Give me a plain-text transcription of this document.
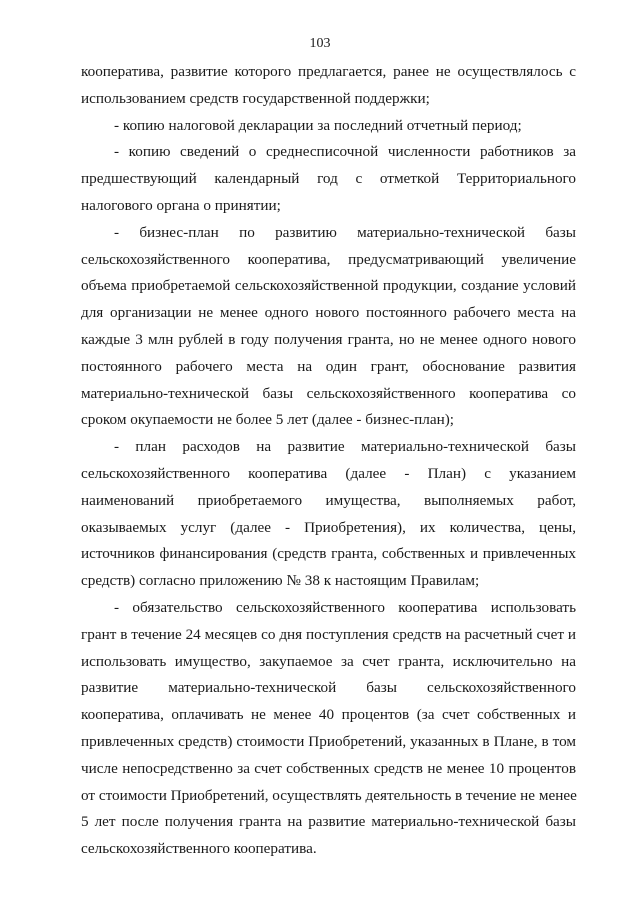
103

кооператива, развитие которого предлагается, ранее не осуществлялось с
использованием средств государственной поддержки;

- копию налоговой декларации за последний отчетный период;

- копию сведений о среднесписочной численности работников за
предшествующий календарный год с отметкой Территориального
налогового органа о принятии;

- бизнес-план по развитию материально-технической базы
сельскохозяйственного кооператива, предусматривающий увеличение
объема приобретаемой сельскохозяйственной продукции, создание условий
для организации не менее одного нового постоянного рабочего места на
каждые 3 млн рублей в году получения гранта, но не менее одного нового
постоянного рабочего места на один грант, обоснование развития
материально-технической базы сельскохозяйственного кооператива со
сроком окупаемости не более 5 лет (далее - бизнес-план);

- план расходов на развитие материально-технической базы
сельскохозяйственного кооператива (далее - План) с указанием
наименований приобретаемого имущества, выполняемых работ,
оказываемых услуг (далее - Приобретения), их количества, цены,
источников финансирования (средств гранта, собственных и привлеченных
средств) согласно приложению № 38 к настоящим Правилам;

- обязательство сельскохозяйственного кооператива использовать
грант в течение 24 месяцев со дня поступления средств на расчетный счет и
использовать имущество, закупаемое за счет гранта, исключительно на
развитие материально-технической базы сельскохозяйственного
кооператива, оплачивать не менее 40 процентов (за счет собственных и
привлеченных средств) стоимости Приобретений, указанных в Плане, в том
числе непосредственно за счет собственных средств не менее 10 процентов
от стоимости Приобретений, осуществлять деятельность в течение не менее
5 лет после получения гранта на развитие материально-технической базы
сельскохозяйственного кооператива.
